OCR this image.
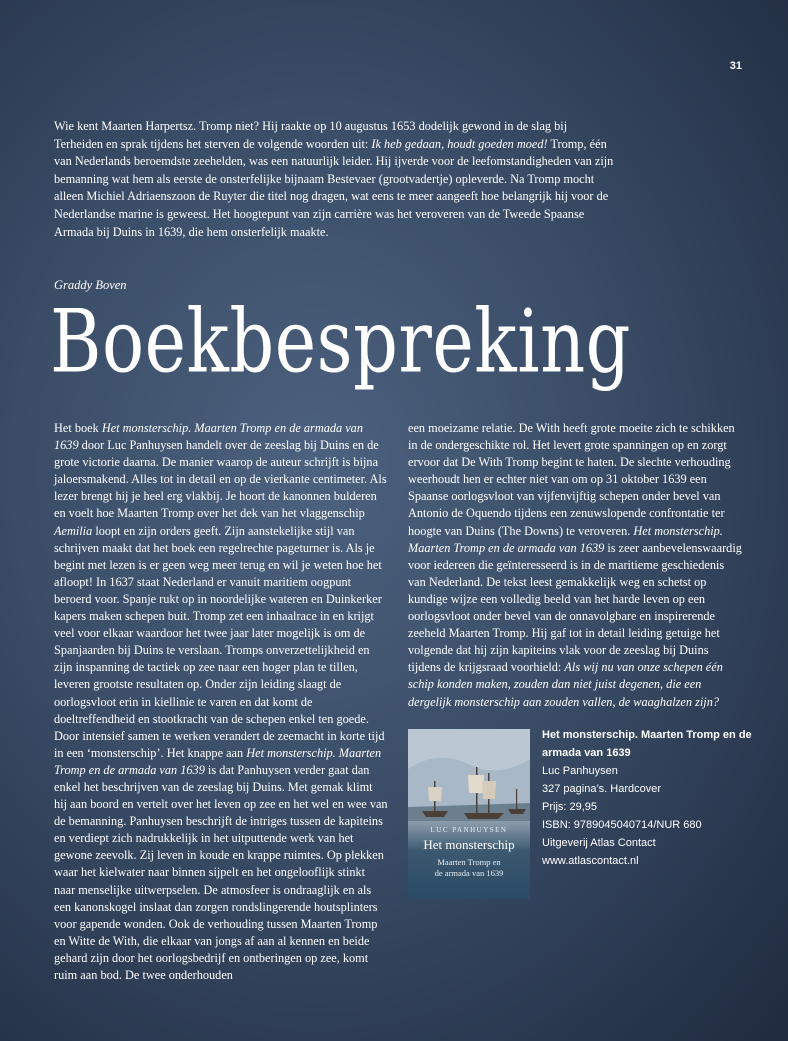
31

Wie kent Maarten Harpertsz. Tromp niet? Hij raakte op 10 augustus 1653 dodelijk gewond in de slag bij Terheiden en sprak tijdens het sterven de volgende woorden uit: Ik heb gedaan, houdt goeden moed! Tromp, één van Nederlands beroemdste zeehelden, was een natuurlijk leider. Hij ijverde voor de leefomstandigheden van zijn bemanning wat hem als eerste de onsterfelijke bijnaam Bestevaer (grootvadertje) opleverde. Na Tromp mocht alleen Michiel Adriaenszoon de Ruyter die titel nog dragen, wat eens te meer aangeeft hoe belangrijk hij voor de Nederlandse marine is geweest. Het hoogtepunt van zijn carrière was het veroveren van de Tweede Spaanse Armada bij Duins in 1639, die hem onsterfelijk maakte.

Graddy Boven
Boekbespreking

Het boek Het monsterschip. Maarten Tromp en de armada van 1639 door Luc Panhuysen handelt over de zeeslag bij Duins en de grote victorie daarna. De manier waarop de auteur schrijft is bijna jaloersmakend. Alles tot in detail en op de vierkante centimeter. Als lezer brengt hij je heel erg vlakbij. Je hoort de kanonnen bulderen en voelt hoe Maarten Tromp over het dek van het vlaggenschip Aemilia loopt en zijn orders geeft. Zijn aanstekelijke stijl van schrijven maakt dat het boek een regelrechte pageturner is. Als je begint met lezen is er geen weg meer terug en wil je weten hoe het afloopt! In 1637 staat Nederland er vanuit maritiem oogpunt beroerd voor. Spanje rukt op in noordelijke wateren en Duinkerker kapers maken schepen buit. Tromp zet een inhaalrace in en krijgt veel voor elkaar waardoor het twee jaar later mogelijk is om de Spanjaarden bij Duins te verslaan. Tromps onverzettelijkheid en zijn inspanning de tactiek op zee naar een hoger plan te tillen, leveren grootste resultaten op. Onder zijn leiding slaagt de oorlogsvloot erin in kiellinie te varen en dat komt de doeltreffendheid en stootkracht van de schepen enkel ten goede. Door intensief samen te werken verandert de zeemacht in korte tijd in een ‘monsterschip’. Het knappe aan Het monsterschip. Maarten Tromp en de armada van 1639 is dat Panhuysen verder gaat dan enkel het beschrijven van de zeeslag bij Duins. Met gemak klimt hij aan boord en vertelt over het leven op zee en het wel en wee van de bemanning. Panhuysen beschrijft de intriges tussen de kapiteins en verdiept zich nadrukkelijk in het uitputtende werk van het gewone zeevolk. Zij leven in koude en krappe ruimtes. Op plekken waar het kielwater naar binnen sijpelt en het ongelooflijk stinkt naar menselijke uitwerpselen. De atmosfeer is ondraaglijk en als een kanonskogel inslaat dan zorgen rondslingerende houtsplinters voor gapende wonden. Ook de verhouding tussen Maarten Tromp en Witte de With, die elkaar van jongs af aan al kennen en beide gehard zijn door het oorlogsbedrijf en ontberingen op zee, komt ruim aan bod. De twee onderhouden

een moeizame relatie. De With heeft grote moeite zich te schikken in de ondergeschikte rol. Het levert grote spanningen op en zorgt ervoor dat De With Tromp begint te haten. De slechte verhouding weerhoudt hen er echter niet van om op 31 oktober 1639 een Spaanse oorlogsvloot van vijfenvijftig schepen onder bevel van Antonio de Oquendo tijdens een zenuwslopende confrontatie ter hoogte van Duins (The Downs) te veroveren. Het monsterschip. Maarten Tromp en de armada van 1639 is zeer aanbevelenswaardig voor iedereen die geïnteresseerd is in de maritieme geschiedenis van Nederland. De tekst leest gemakkelijk weg en schetst op kundige wijze een volledig beeld van het harde leven op een oorlogsvloot onder bevel van de onnavolgbare en inspirerende zeeheld Maarten Tromp. Hij gaf tot in detail leiding getuige het volgende dat hij zijn kapiteins vlak voor de zeeslag bij Duins tijdens de krijgsraad voorhield: Als wij nu van onze schepen één schip konden maken, zouden dan niet juist degenen, die een dergelijk monsterschip aan zouden vallen, de waaghalzen zijn?

LUC PANHUYSEN
Het monsterschip
Maarten Tromp en
de armada van 1639
Het monsterschip. Maarten Tromp en de armada van 1639
Luc Panhuysen
327 pagina’s. Hardcover
Prijs: 29,95
ISBN: 9789045040714/NUR 680
Uitgeverij Atlas Contact
www.atlascontact.nl
